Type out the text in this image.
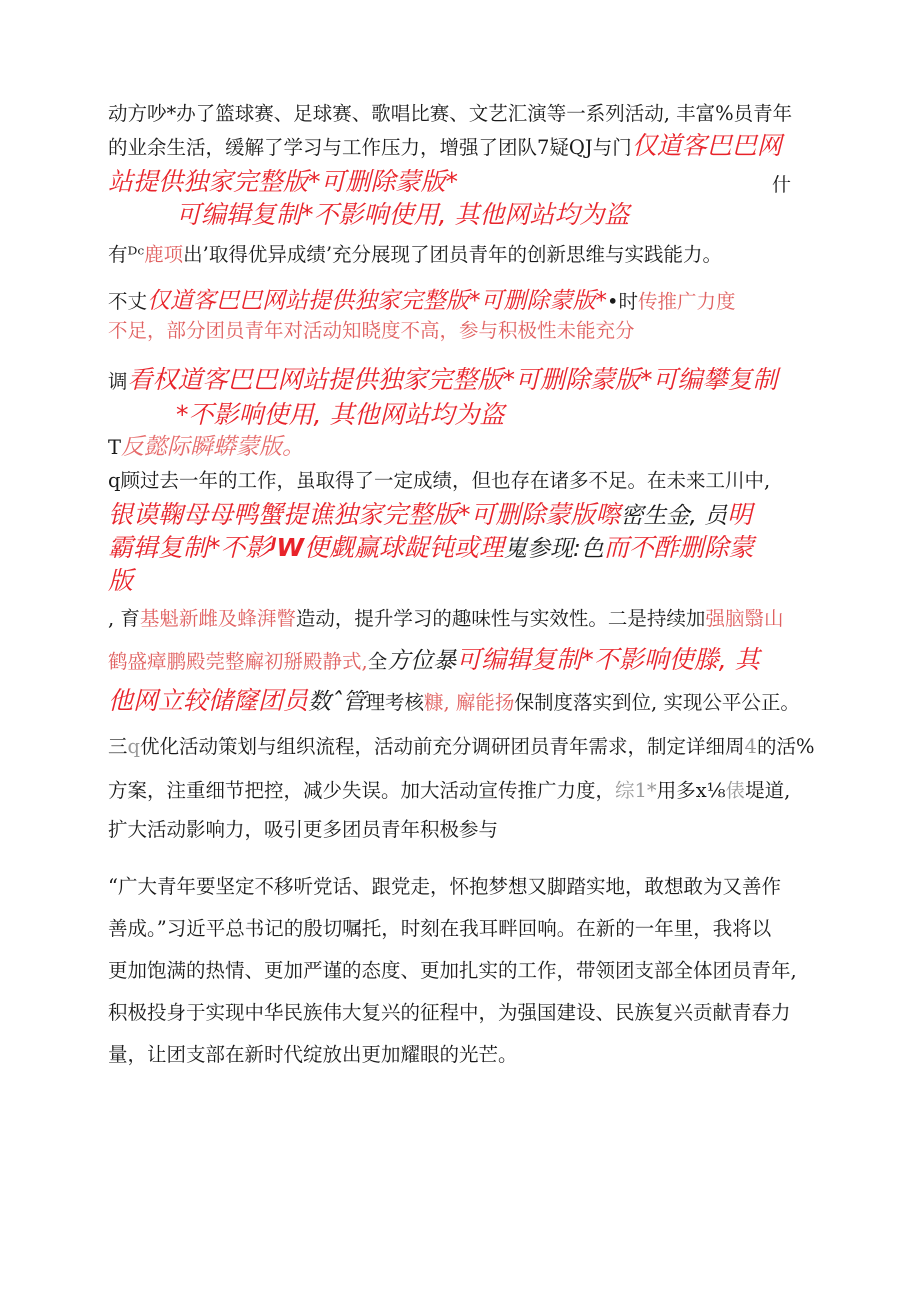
动方吵*办了篮球赛、足球赛、歌唱比赛、文艺汇演等一系列活动, 丰富%员青年
的业余生活，缓解了学习与工作压力，增强了团队7疑QJ与门仅道客巴巴网
站提供独家完整版*可删除蒙版*	什
可编辑复制*不影响使用, 其他网站均为盗
有ᴰᶜ鹿项出’取得优异成绩’充分展现了团员青年的创新思维与实践能力。
不丈仅道客巴巴网站提供独家完整版*可删除蒙版*•时传推广力度
不足，部分团员青年对活动知晓度不高，参与积极性未能充分
调看权道客巴巴网站提供独家完整版*可删除蒙版*可编攀复制
*不影响使用, 其他网站均为盗
T反懿际瞬蟒蒙版。
q顾过去一年的工作，虽取得了一定成绩，但也存在诸多不足。在未来工川中,
银谟鞠母母鸭蟹提谯独家完整版*可删除蒙版嚓密生金, 员明
霸辑复制*不影ᴶW便觑赢球龊钝或理嵬参现:色而不酢删除蒙
版
, 育基魁新雌及蜂湃瞥造动，提升学习的趣味性与实效性。二是持续加强脑翳山
鹤盛瘴鹏殿莞整廨初掰殿静式,全方位暴可编辑复制*不影响使滕, 其
他网立较储窿团员数ˆ管理考核糠, 廨能扬保制度落实到位, 实现公平公正。
三q优化活动策划与组织流程，活动前充分调研团员青年需求，制定详细周4的活%
方案，注重细节把控，减少失误。加大活动宣传推广力度，综1*用多x⅛俵堤道,
扩大活动影响力，吸引更多团员青年积极参与
“广大青年要坚定不移听党话、跟党走，怀抱梦想又脚踏实地，敢想敢为又善作
善成。”习近平总书记的殷切嘱托，时刻在我耳畔回响。在新的一年里，我将以
更加饱满的热情、更加严谨的态度、更加扎实的工作，带领团支部全体团员青年,
积极投身于实现中华民族伟大复兴的征程中，为强国建设、民族复兴贡献青春力
量，让团支部在新时代绽放出更加耀眼的光芒。
